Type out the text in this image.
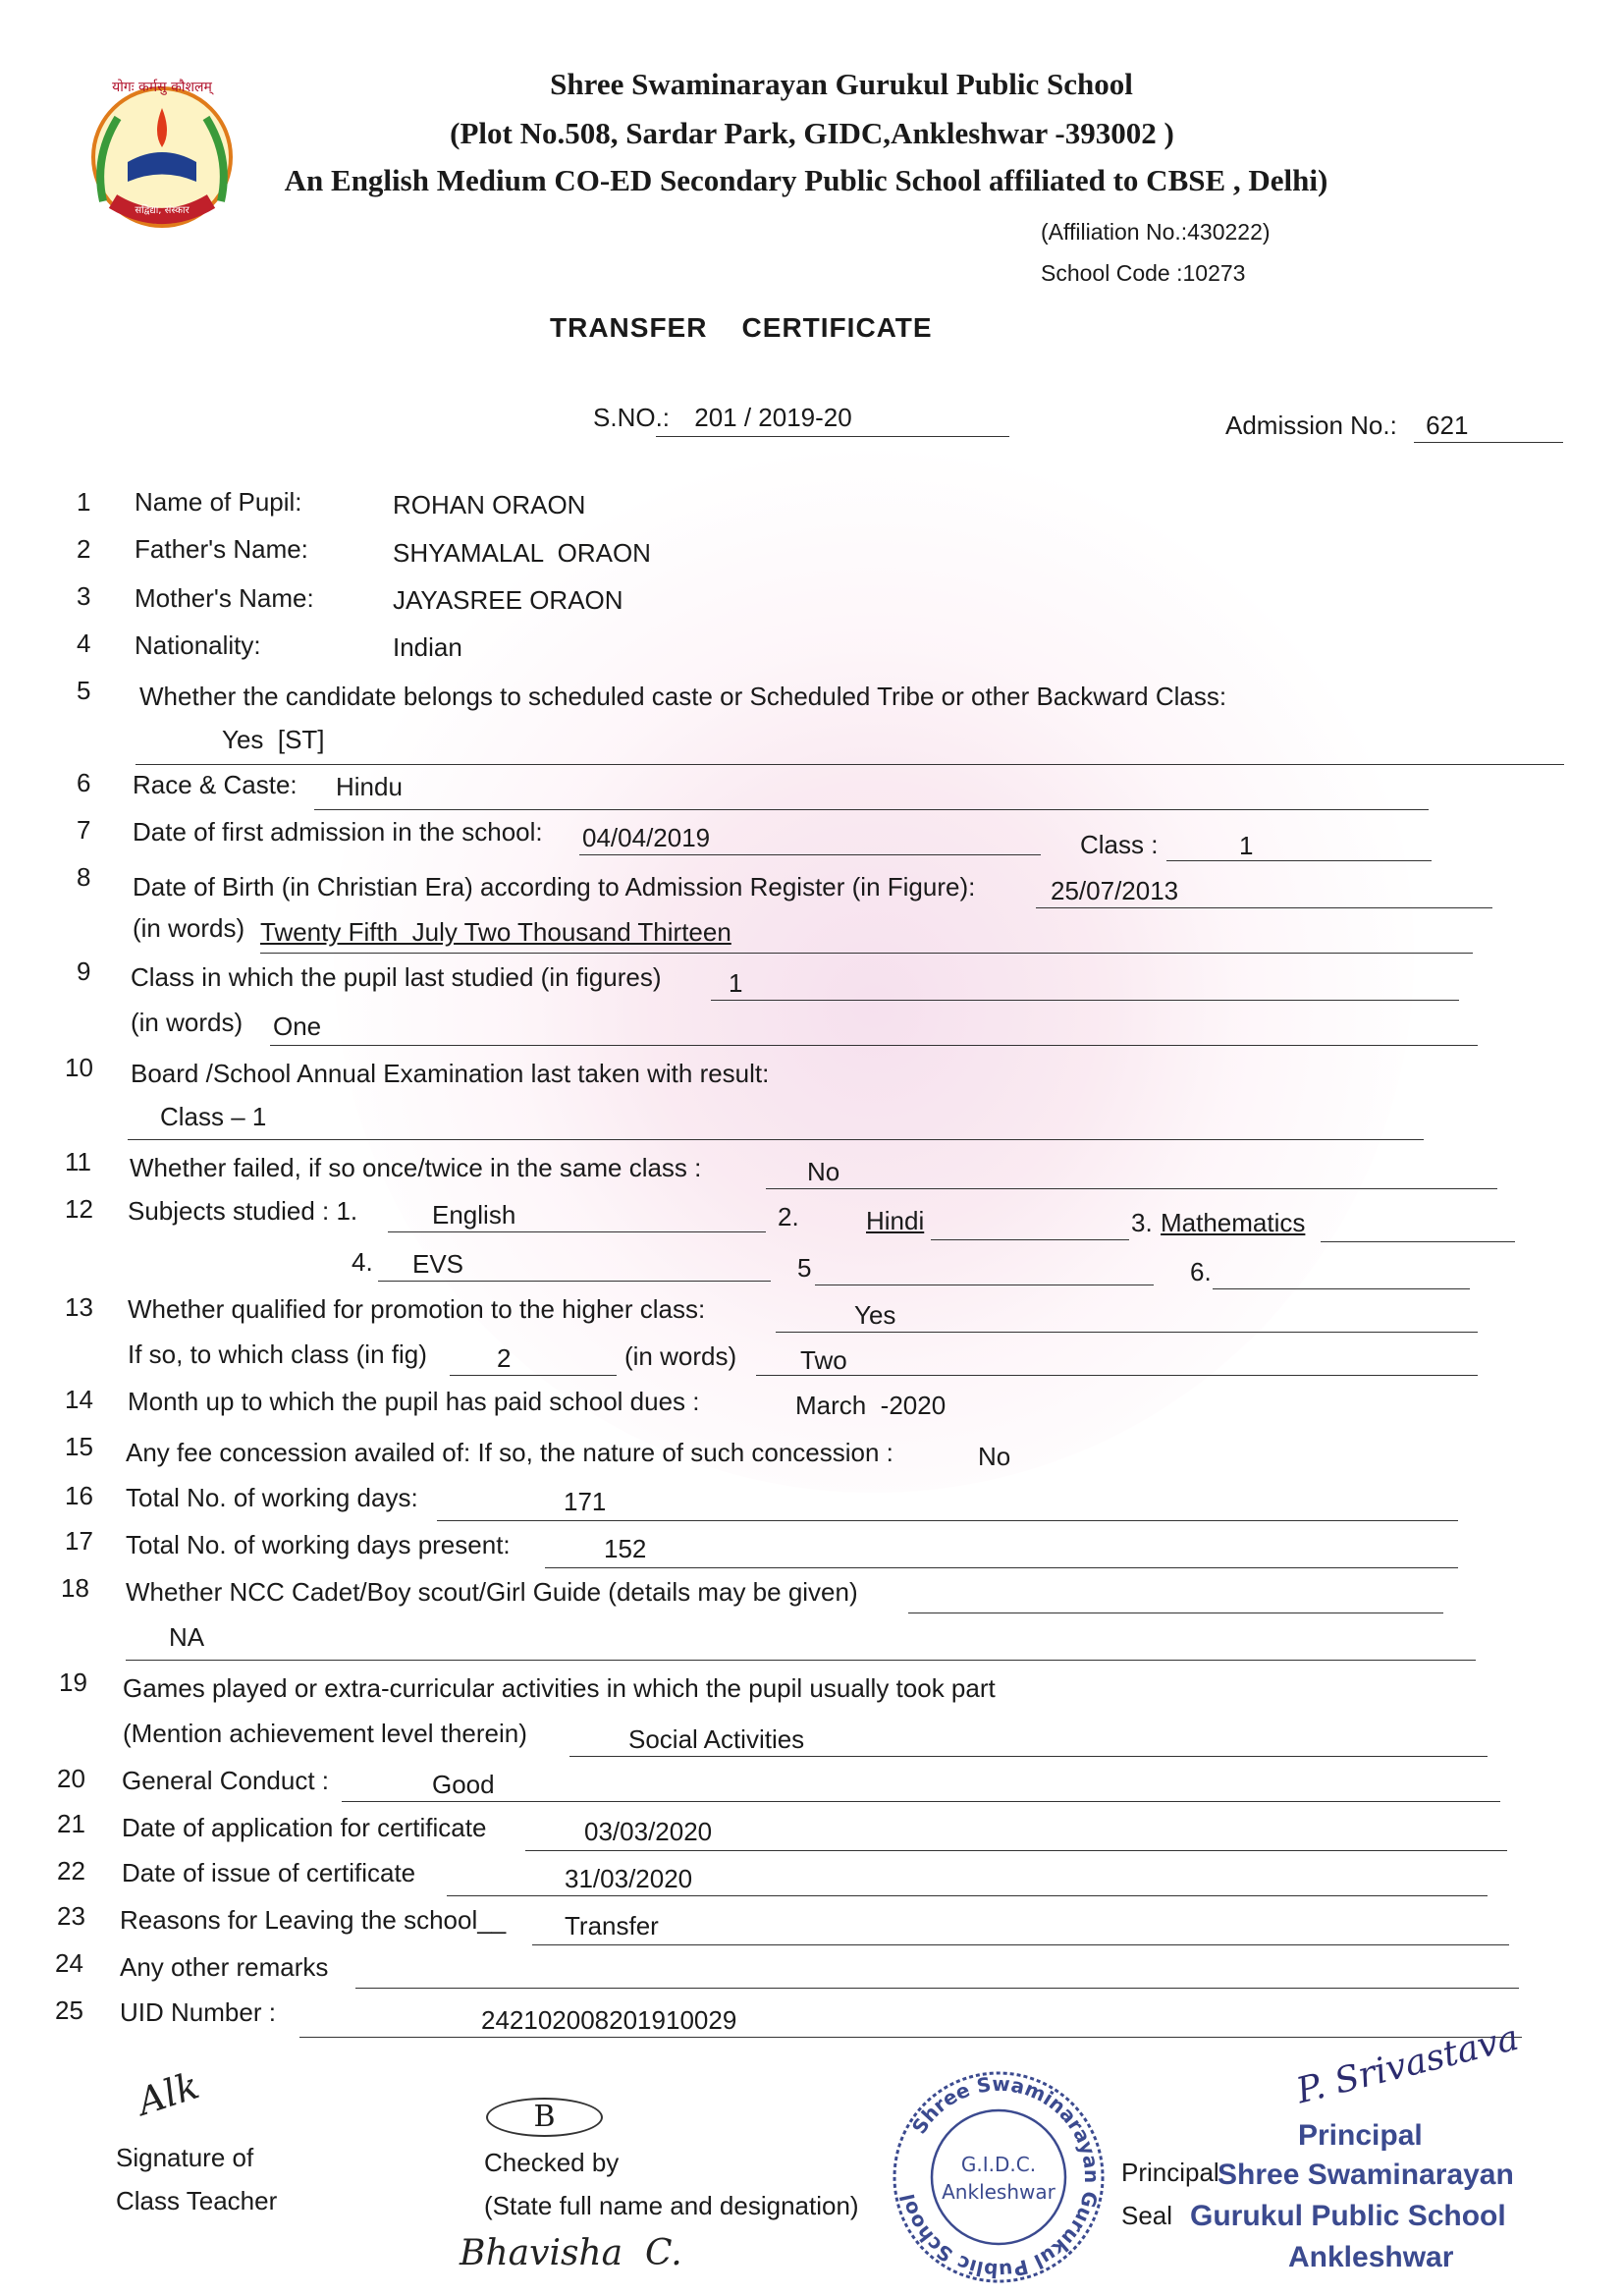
योगः कर्मसु कौशलम्
सद्विद्या, संस्कार
Shree Swaminarayan Gurukul Public School
(Plot No.508, Sardar Park, GIDC,Ankleshwar -393002 )
An English Medium CO-ED Secondary Public School affiliated to CBSE , Delhi)
(Affiliation No.:430222)
School Code :10273
TRANSFER    CERTIFICATE
S.NO.: 201 / 2019-20	Admission No.: 621
1 Name of Pupil:	ROHAN ORAON
2 Father's Name:	SHYAMALAL  ORAON
3 Mother's Name:	JAYASREE ORAON
4 Nationality:	Indian
5 Whether the candidate belongs to scheduled caste or Scheduled Tribe or other Backward Class:
Yes  [ST]
6 Race & Caste: Hindu
7 Date of first admission in the school: 04/04/2019	Class :	1
8 Date of Birth (in Christian Era) according to Admission Register (in Figure):	25/07/2013
(in words) Twenty Fifth  July Two Thousand Thirteen
9 Class in which the pupil last studied (in figures)	1
(in words) One
10 Board /School Annual Examination last taken with result:
Class – 1
11 Whether failed, if so once/twice in the same class :	No
12 Subjects studied : 1.	English	2.	Hindi	3. Mathematics
4. EVS	5	6.
13 Whether qualified for promotion to the higher class:	Yes
If so, to which class (in fig)	2	(in words) Two
14 Month up to which the pupil has paid school dues :	March  -2020
15 Any fee concession availed of: If so, the nature of such concession :	No
16 Total No. of working days:	171
17 Total No. of working days present:	152
18 Whether NCC Cadet/Boy scout/Girl Guide (details may be given)
NA
19 Games played or extra-curricular activities in which the pupil usually took part
(Mention achievement level therein)	Social Activities
20 General Conduct :	Good
21 Date of application for certificate	03/03/2020
22 Date of issue of certificate	31/03/2020
23 Reasons for Leaving the school__ Transfer
24 Any other remarks
25 UID Number :	242102008201910029
Alk
Signature of
Class Teacher
B
Checked by
(State full name and designation)
Bhavisha  C.
Shree Swaminarayan Gurukul Public School
G.I.D.C.
Ankleshwar
Principal
Seal
P. Srivastava
Principal
Shree Swaminarayan
Gurukul Public School
Ankleshwar
